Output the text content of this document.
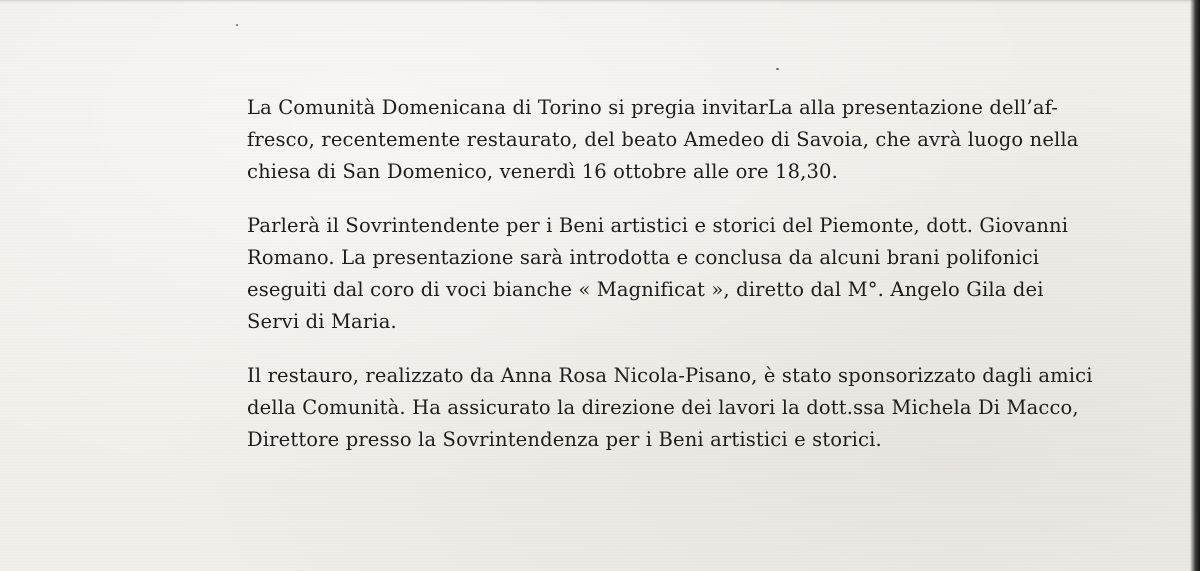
La Comunità Domenicana di Torino si pregia invitarLa alla presentazione dell’af-
fresco, recentemente restaurato, del beato Amedeo di Savoia, che avrà luogo nella
chiesa di San Domenico, venerdì 16 ottobre alle ore 18,30.

Parlerà il Sovrintendente per i Beni artistici e storici del Piemonte, dott. Giovanni
Romano. La presentazione sarà introdotta e conclusa da alcuni brani polifonici
eseguiti dal coro di voci bianche « Magnificat », diretto dal M°. Angelo Gila dei
Servi di Maria.

Il restauro, realizzato da Anna Rosa Nicola-Pisano, è stato sponsorizzato dagli amici
della Comunità. Ha assicurato la direzione dei lavori la dott.ssa Michela Di Macco,
Direttore presso la Sovrintendenza per i Beni artistici e storici.
